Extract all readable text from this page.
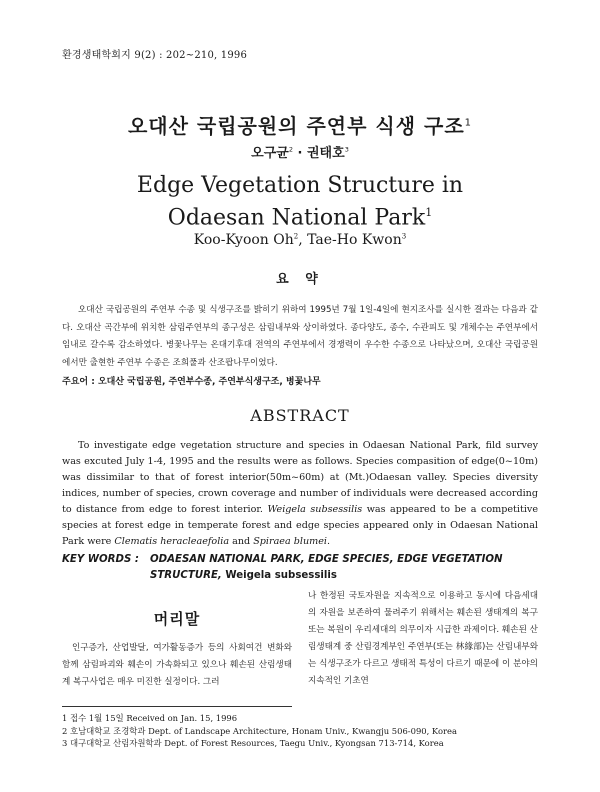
환경생태학회지 9(2) : 202~210, 1996
오대산 국립공원의 주연부 식생 구조$^1$
오구균$^2$ · 권태호$^3$
Edge Vegetation Structure in
Odaesan National Park$^1$
Koo-Kyoon Oh$^2$, Tae-Ho Kwon$^3$
요 약
오대산 국립공원의 주연부 수종 및 식생구조를 밝히기 위하여 1995년 7월 1일-4일에 현지조사를 실시한 결과는 다음과 같다. 오대산 곡간부에 위치한 삼림주연부의 종구성은 삼림내부와 상이하였다. 종다양도, 종수, 수관피도 및 개체수는 주연부에서 임내로 갈수록 감소하였다. 병꽃나무는 온대기후대 전역의 주연부에서 경쟁력이 우수한 수종으로 나타났으며, 오대산 국립공원에서만 출현한 주연부 수종은 조희풀과 산조팝나무이었다.
주요어 : 오대산 국립공원, 주연부수종, 주연부식생구조, 병꽃나무
ABSTRACT
To investigate edge vegetation structure and species in Odaesan National Park, fild survey was excuted July 1-4, 1995 and the results were as follows. Species compasition of edge(0~10m) was dissimilar to that of forest interior(50m~60m) at (Mt.)Odaesan valley. Species diversity indices, number of species, crown coverage and number of individuals were decreased according to distance from edge to forest interior. Weigela subsessilis was appeared to be a competitive species at forest edge in temperate forest and edge species appeared only in Odaesan National Park were Clematis heracleaefolia and Spiraea blumei.
KEY WORDS : ODAESAN NATIONAL PARK, EDGE SPECIES, EDGE VEGETATION
STRUCTURE, Weigela subsessilis
머리말
인구증가, 산업발달, 여가활동증가 등의 사회여건 변화와 함께 삼림파괴와 훼손이 가속화되고 있으나 훼손된 산림생태계 복구사업은 매우 미진한 실정이다. 그러
나 한정된 국토자원을 지속적으로 이용하고 동시에 다음세대의 자원을 보존하여 물려주기 위해서는 훼손된 생태계의 복구 또는 복원이 우리세대의 의무이자 시급한 과제이다. 훼손된 산림생태계 중 산림경계부인 주연부(또는 林緣部)는 산림내부와는 식생구조가 다르고 생태적 특성이 다르기 때문에 이 분야의 지속적인 기초연
1 접수 1월 15일 Received on Jan. 15, 1996
2 호남대학교 조경학과 Dept. of Landscape Architecture, Honam Univ., Kwangju 506-090, Korea
3 대구대학교 산림자원학과 Dept. of Forest Resources, Taegu Univ., Kyongsan 713-714, Korea
